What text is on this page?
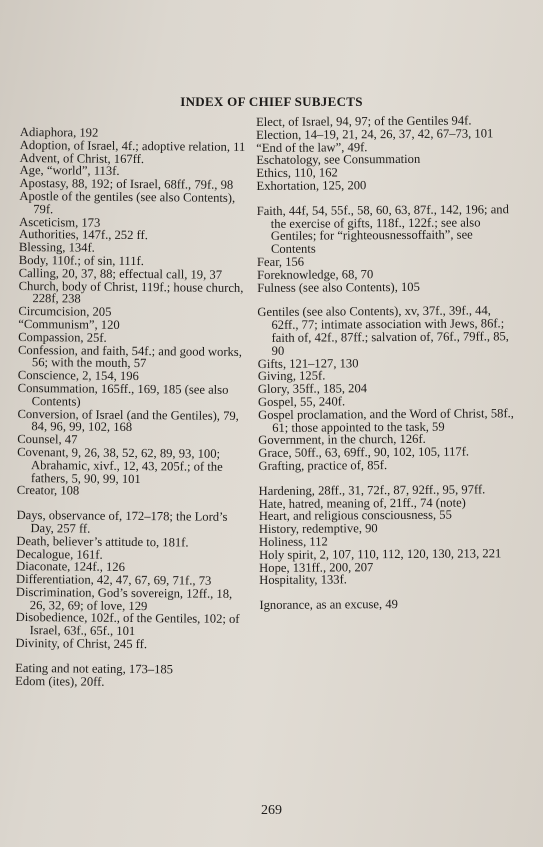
INDEX OF CHIEF SUBJECTS

Adiaphora, 192

Adoption, of Israel, 4f.; adoptive relation, 11

Advent, of Christ, 167ff.

Age, “world”, 113f.

Apostasy, 88, 192; of Israel, 68ff., 79f., 98

Apostle of the gentiles (see also Contents), 79f.

Asceticism, 173

Authorities, 147f., 252 ff.

Blessing, 134f.

Body, 110f.; of sin, 111f.

Calling, 20, 37, 88; effectual call, 19, 37

Church, body of Christ, 119f.; house church, 228f, 238

Circumcision, 205

“Communism”, 120

Compassion, 25f.

Confession, and faith, 54f.; and good works, 56; with the mouth, 57

Conscience, 2, 154, 196

Consummation, 165ff., 169, 185 (see also Contents)

Conversion, of Israel (and the Gentiles), 79, 84, 96, 99, 102, 168

Counsel, 47

Covenant, 9, 26, 38, 52, 62, 89, 93, 100; Abrahamic, xivf., 12, 43, 205f.; of the fathers, 5, 90, 99, 101

Creator, 108

Days, observance of, 172–178; the Lord’s Day, 257 ff.

Death, believer’s attitude to, 181f.

Decalogue, 161f.

Diaconate, 124f., 126

Differentiation, 42, 47, 67, 69, 71f., 73

Discrimination, God’s sovereign, 12ff., 18, 26, 32, 69; of love, 129

Disobedience, 102f., of the Gentiles, 102; of Israel, 63f., 65f., 101

Divinity, of Christ, 245 ff.

Eating and not eating, 173–185

Edom (ites), 20ff.

Elect, of Israel, 94, 97; of the Gentiles 94f.

Election, 14–19, 21, 24, 26, 37, 42, 67–73, 101

“End of the law”, 49f.

Eschatology, see Consummation

Ethics, 110, 162

Exhortation, 125, 200

Faith, 44f, 54, 55f., 58, 60, 63, 87f., 142, 196; and the exercise of gifts, 118f., 122f.; see also Gentiles; for “righteousnessoffaith”, see Contents

Fear, 156

Foreknowledge, 68, 70

Fulness (see also Contents), 105

Gentiles (see also Contents), xv, 37f., 39f., 44, 62ff., 77; intimate association with Jews, 86f.; faith of, 42f., 87ff.; salvation of, 76f., 79ff., 85, 90

Gifts, 121–127, 130

Giving, 125f.

Glory, 35ff., 185, 204

Gospel, 55, 240f.

Gospel proclamation, and the Word of Christ, 58f., 61; those appointed to the task, 59

Government, in the church, 126f.

Grace, 50ff., 63, 69ff., 90, 102, 105, 117f.

Grafting, practice of, 85f.

Hardening, 28ff., 31, 72f., 87, 92ff., 95, 97ff.

Hate, hatred, meaning of, 21ff., 74 (note)

Heart, and religious consciousness, 55

History, redemptive, 90

Holiness, 112

Holy spirit, 2, 107, 110, 112, 120, 130, 213, 221

Hope, 131ff., 200, 207

Hospitality, 133f.

Ignorance, as an excuse, 49

269
